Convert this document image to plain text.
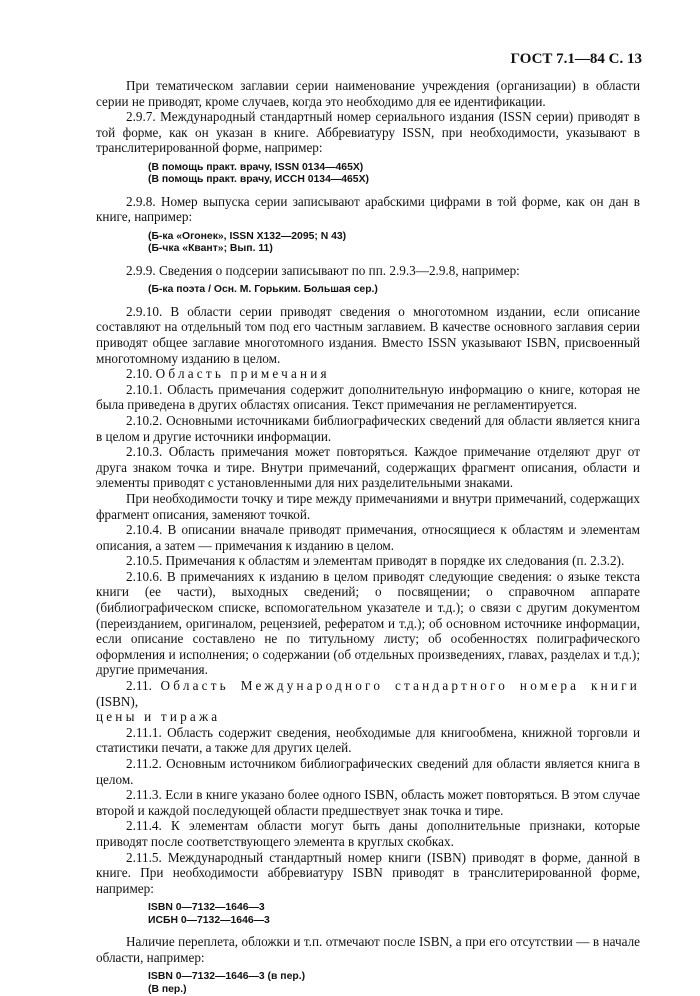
ГОСТ 7.1—84 С. 13

При тематическом заглавии серии наименование учреждения (организации) в области серии не приводят, кроме случаев, когда это необходимо для ее идентификации.

2.9.7. Международный стандартный номер сериального издания (ISSN серии) приводят в той форме, как он указан в книге. Аббревиатуру ISSN, при необходимости, указывают в транслитерированной форме, например:

(В помощь практ. врачу, ISSN 0134—465X)
(В помощь практ. врачу, ИССН 0134—465X)

2.9.8. Номер выпуска серии записывают арабскими цифрами в той форме, как он дан в книге, например:

(Б-ка «Огонек», ISSN X132—2095; N 43)
(Б-чка «Квант»; Вып. 11)

2.9.9. Сведения о подсерии записывают по пп. 2.9.3—2.9.8, например:

(Б-ка поэта / Осн. М. Горьким. Большая сер.)

2.9.10. В области серии приводят сведения о многотомном издании, если описание составляют на отдельный том под его частным заглавием. В качестве основного заглавия серии приводят общее заглавие многотомного издания. Вместо ISSN указывают ISBN, присвоенный многотомному изданию в целом.

2.10. Область примечания

2.10.1. Область примечания содержит дополнительную информацию о книге, которая не была приведена в других областях описания. Текст примечания не регламентируется.

2.10.2. Основными источниками библиографических сведений для области является книга в целом и другие источники информации.

2.10.3. Область примечания может повторяться. Каждое примечание отделяют друг от друга знаком точка и тире. Внутри примечаний, содержащих фрагмент описания, области и элементы приводят с установленными для них разделительными знаками.

При необходимости точку и тире между примечаниями и внутри примечаний, содержащих фрагмент описания, заменяют точкой.

2.10.4. В описании вначале приводят примечания, относящиеся к областям и элементам описания, а затем — примечания к изданию в целом.

2.10.5. Примечания к областям и элементам приводят в порядке их следования (п. 2.3.2).

2.10.6. В примечаниях к изданию в целом приводят следующие сведения: о языке текста книги (ее части), выходных сведений; о посвящении; о справочном аппарате (библиографическом списке, вспомогательном указателе и т.д.); о связи с другим документом (переизданием, оригиналом, рецензией, рефератом и т.д.); об основном источнике информации, если описание составлено не по титульному листу; об особенностях полиграфического оформления и исполнения; о содержании (об отдельных произведениях, главах, разделах и т.д.); другие примечания.

2.11. Область Международного стандартного номера книги (ISBN),
цены и тиража

2.11.1. Область содержит сведения, необходимые для книгообмена, книжной торговли и статистики печати, а также для других целей.

2.11.2. Основным источником библиографических сведений для области является книга в целом.

2.11.3. Если в книге указано более одного ISBN, область может повторяться. В этом случае второй и каждой последующей области предшествует знак точка и тире.

2.11.4. К элементам области могут быть даны дополнительные признаки, которые приводят после соответствующего элемента в круглых скобках.

2.11.5. Международный стандартный номер книги (ISBN) приводят в форме, данной в книге. При необходимости аббревиатуру ISBN приводят в транслитерированной форме, например:

ISBN 0—7132—1646—3
ИСБН 0—7132—1646—3

Наличие переплета, обложки и т.п. отмечают после ISBN, а при его отсутствии — в начале области, например:

ISBN 0—7132—1646—3 (в пер.)
(В пер.)
